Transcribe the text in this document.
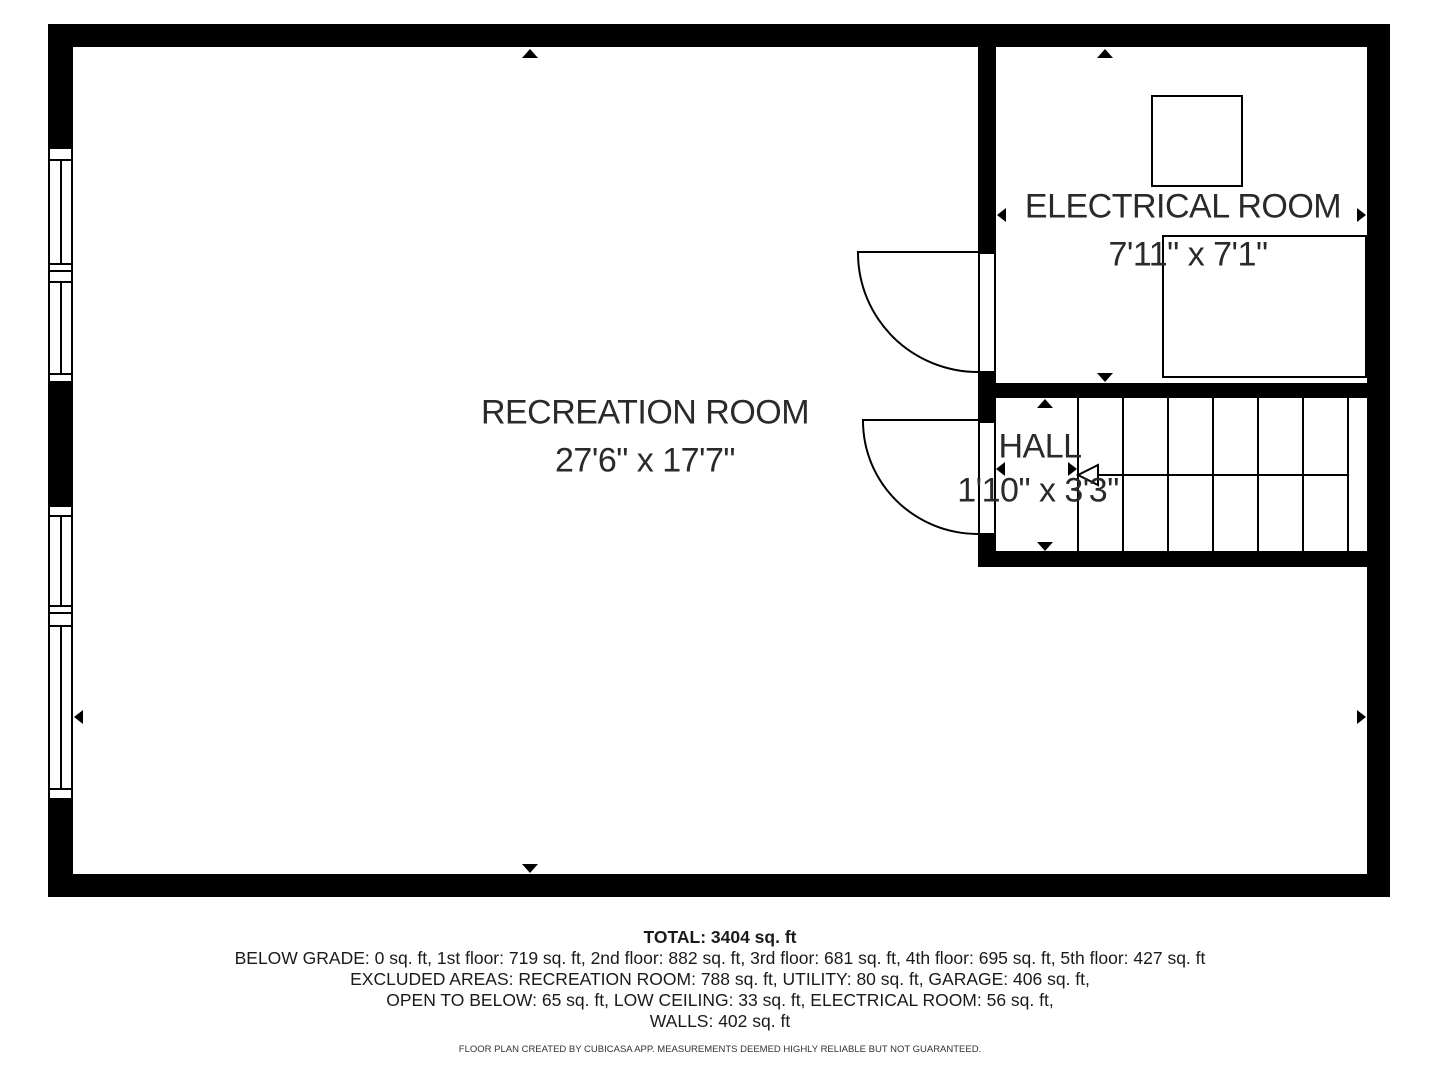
RECREATION ROOM
27'6" x 17'7"
ELECTRICAL ROOM
7'11" x 7'1"
HALL
1'10" x 3'3"
TOTAL: 3404 sq. ft
BELOW GRADE: 0 sq. ft, 1st floor: 719 sq. ft, 2nd floor: 882 sq. ft, 3rd floor: 681 sq. ft, 4th floor: 695 sq. ft, 5th floor: 427 sq. ft
EXCLUDED AREAS: RECREATION ROOM: 788 sq. ft, UTILITY: 80 sq. ft, GARAGE: 406 sq. ft,
OPEN TO BELOW: 65 sq. ft, LOW CEILING: 33 sq. ft, ELECTRICAL ROOM: 56 sq. ft,
WALLS: 402 sq. ft
FLOOR PLAN CREATED BY CUBICASA APP. MEASUREMENTS DEEMED HIGHLY RELIABLE BUT NOT GUARANTEED.
